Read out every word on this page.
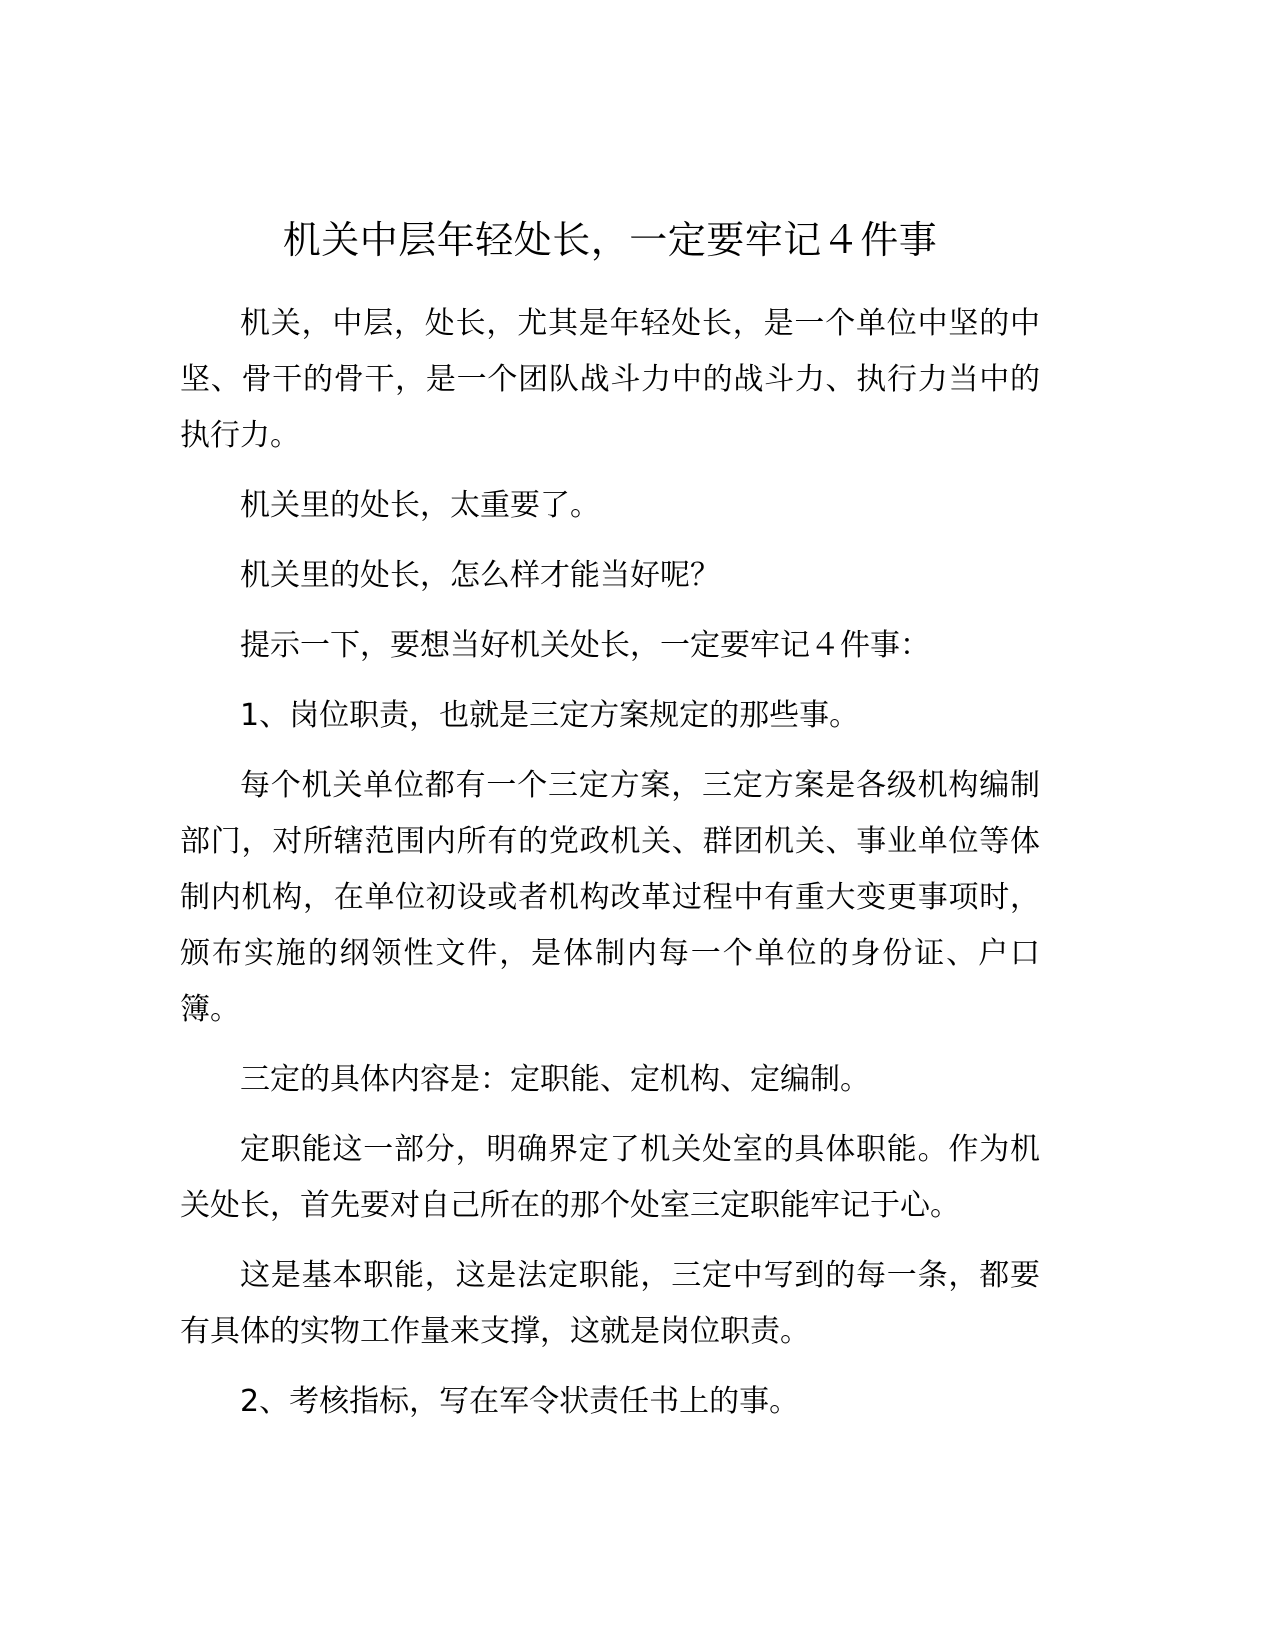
机关中层年轻处长，一定要牢记４件事

机关，中层，处长，尤其是年轻处长，是一个单位中坚的中坚、骨干的骨干，是一个团队战斗力中的战斗力、执行力当中的执行力。

机关里的处长，太重要了。

机关里的处长，怎么样才能当好呢？

提示一下，要想当好机关处长，一定要牢记４件事：

1、岗位职责，也就是三定方案规定的那些事。

每个机关单位都有一个三定方案，三定方案是各级机构编制部门，对所辖范围内所有的党政机关、群团机关、事业单位等体制内机构，在单位初设或者机构改革过程中有重大变更事项时，颁布实施的纲领性文件，是体制内每一个单位的身份证、户口簿。

三定的具体内容是：定职能、定机构、定编制。

定职能这一部分，明确界定了机关处室的具体职能。作为机关处长，首先要对自己所在的那个处室三定职能牢记于心。

这是基本职能，这是法定职能，三定中写到的每一条，都要有具体的实物工作量来支撑，这就是岗位职责。

2、考核指标，写在军令状责任书上的事。
